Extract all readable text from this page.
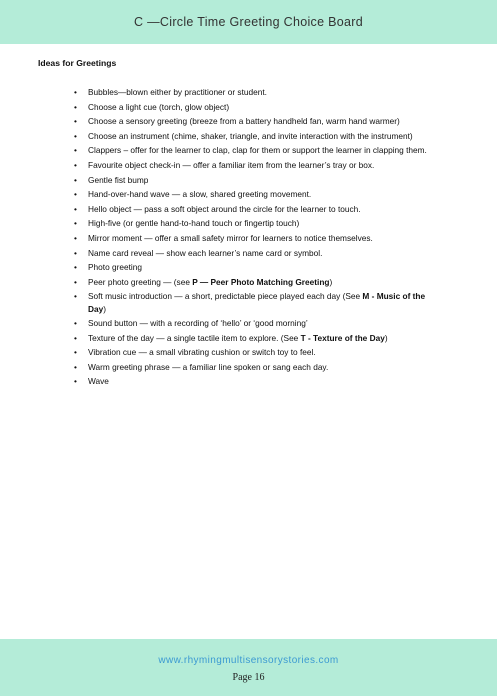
C —Circle Time Greeting Choice Board

Ideas for Greetings

• Bubbles—blown either by practitioner or student.
• Choose a light cue (torch, glow object)
• Choose a sensory greeting (breeze from a battery handheld fan, warm hand warmer)
• Choose an instrument (chime, shaker, triangle, and invite interaction with the instrument)
• Clappers – offer for the learner to clap, clap for them or support the learner in clapping them.
• Favourite object check-in — offer a familiar item from the learner’s tray or box.
• Gentle fist bump
• Hand-over-hand wave — a slow, shared greeting movement.
• Hello object — pass a soft object around the circle for the learner to touch.
• High-five (or gentle hand-to-hand touch or fingertip touch)
• Mirror moment — offer a small safety mirror for learners to notice themselves.
• Name card reveal — show each learner’s name card or symbol.
• Photo greeting
• Peer photo greeting — (see P — Peer Photo Matching Greeting)
• Soft music introduction — a short, predictable piece played each day (See M - Music of the Day)
• Sound button — with a recording of ‘hello’ or ‘good morning’
• Texture of the day — a single tactile item to explore. (See T - Texture of the Day)
• Vibration cue — a small vibrating cushion or switch toy to feel.
• Warm greeting phrase — a familiar line spoken or sang each day.
• Wave
www.rhymingmultisensorystories.com
Page 16
